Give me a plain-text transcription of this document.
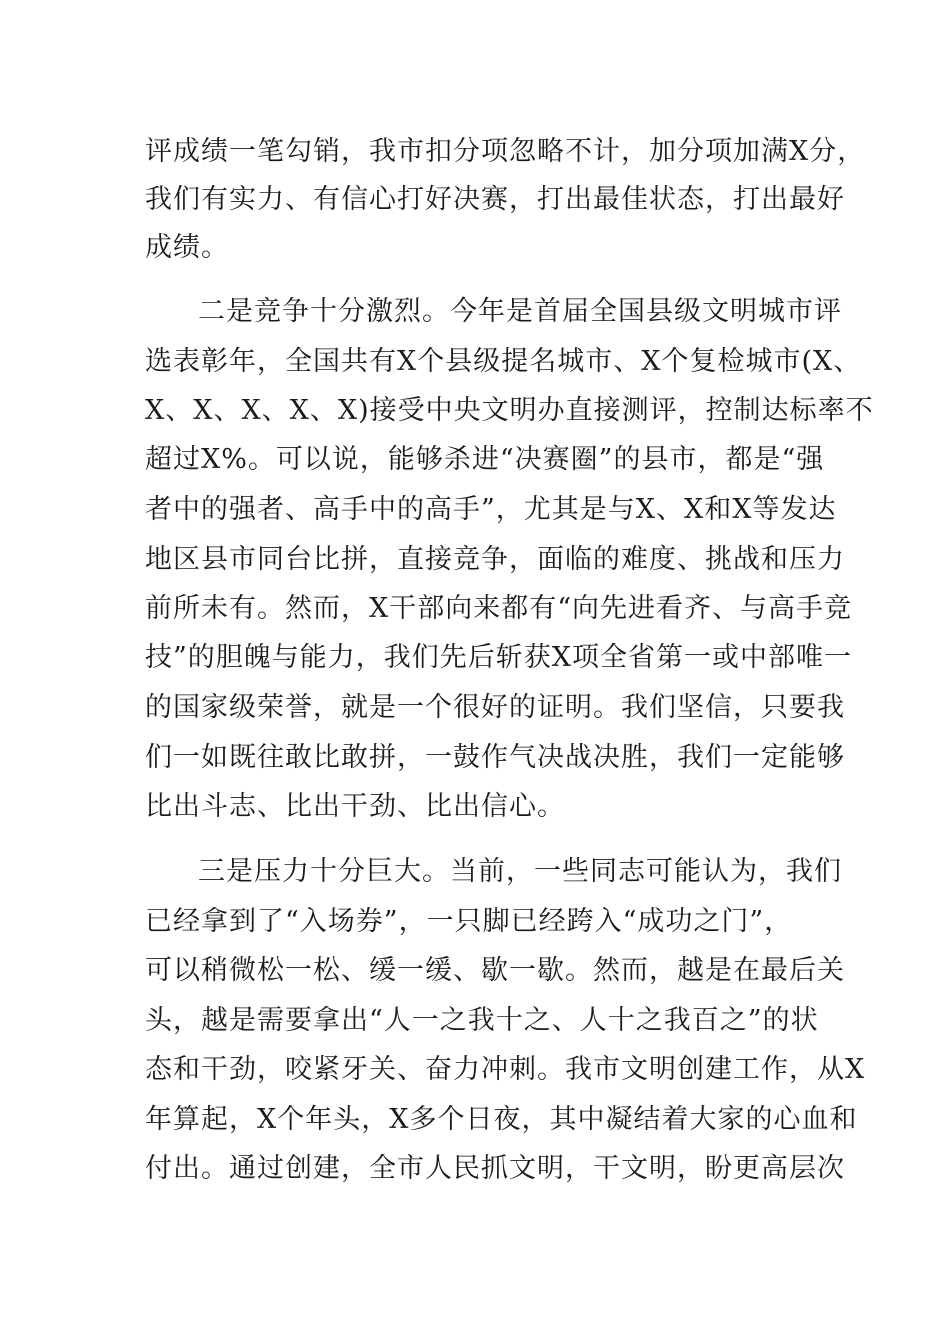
评成绩一笔勾销，我市扣分项忽略不计，加分项加满X分，
我们有实力、有信心打好决赛，打出最佳状态，打出最好
成绩。
二是竞争十分激烈。今年是首届全国县级文明城市评
选表彰年，全国共有X个县级提名城市、X个复检城市(X、
X、X、X、X、X)接受中央文明办直接测评，控制达标率不
超过X%。可以说，能够杀进“决赛圈”的县市，都是“强
者中的强者、高手中的高手”，尤其是与X、X和X等发达
地区县市同台比拼，直接竞争，面临的难度、挑战和压力
前所未有。然而，X干部向来都有“向先进看齐、与高手竞
技”的胆魄与能力，我们先后斩获X项全省第一或中部唯一
的国家级荣誉，就是一个很好的证明。我们坚信，只要我
们一如既往敢比敢拼，一鼓作气决战决胜，我们一定能够
比出斗志、比出干劲、比出信心。
三是压力十分巨大。当前，一些同志可能认为，我们
已经拿到了“入场券”，一只脚已经跨入“成功之门”，
可以稍微松一松、缓一缓、歇一歇。然而，越是在最后关
头，越是需要拿出“人一之我十之、人十之我百之”的状
态和干劲，咬紧牙关、奋力冲刺。我市文明创建工作，从X
年算起，X个年头，X多个日夜，其中凝结着大家的心血和
付出。通过创建，全市人民抓文明，干文明，盼更高层次
